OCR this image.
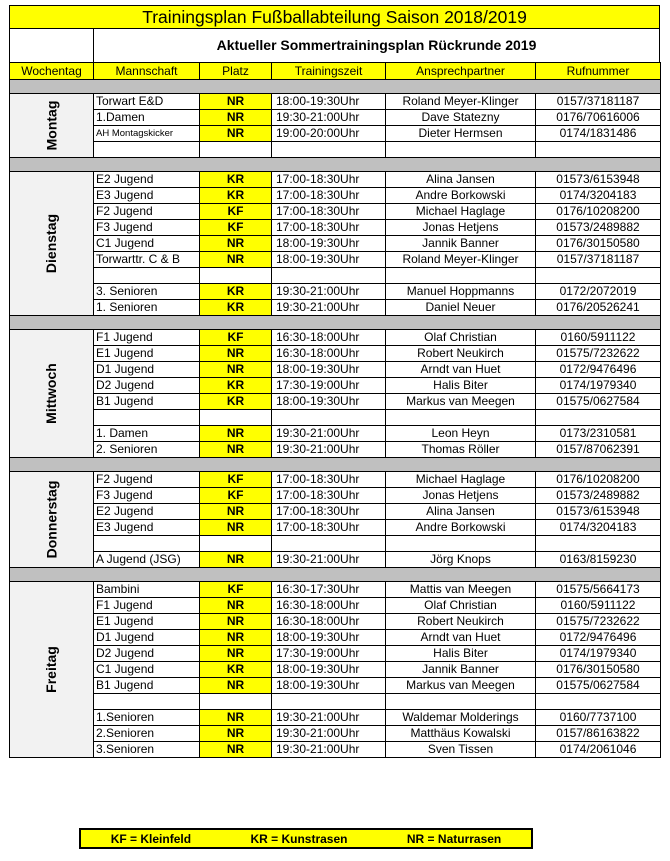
Trainingsplan Fußballabteilung Saison 2018/2019
Aktueller Sommertrainingsplan Rückrunde 2019
Wochentag	Mannschaft	Platz	Trainingszeit	Ansprechpartner	Rufnummer

Montag	Torwart E&D	NR	18:00-19:30Uhr	Roland Meyer-Klinger	0157/37181187
	1.Damen	NR	19:30-21:00Uhr	Dave Statezny	0176/70616006
	AH Montagskicker	NR	19:00-20:00Uhr	Dieter Hermsen	0174/1831486

Dienstag	E2 Jugend	KR	17:00-18:30Uhr	Alina Jansen	01573/6153948
	E3 Jugend	KR	17:00-18:30Uhr	Andre Borkowski	0174/3204183
	F2 Jugend	KF	17:00-18:30Uhr	Michael Haglage	0176/10208200
	F3 Jugend	KF	17:00-18:30Uhr	Jonas Hetjens	01573/2489882
	C1 Jugend	NR	18:00-19:30Uhr	Jannik Banner	0176/30150580
	Torwarttr. C & B	NR	18:00-19:30Uhr	Roland Meyer-Klinger	0157/37181187

	3. Senioren	KR	19:30-21:00Uhr	Manuel Hoppmanns	0172/2072019
	1. Senioren	KR	19:30-21:00Uhr	Daniel Neuer	0176/20526241

Mittwoch	F1 Jugend	KF	16:30-18:00Uhr	Olaf Christian	0160/5911122
	E1 Jugend	NR	16:30-18:00Uhr	Robert Neukirch	01575/7232622
	D1 Jugend	NR	18:00-19:30Uhr	Arndt van Huet	0172/9476496
	D2 Jugend	KR	17:30-19:00Uhr	Halis Biter	0174/1979340
	B1 Jugend	KR	18:00-19:30Uhr	Markus van Meegen	01575/0627584

	1. Damen	NR	19:30-21:00Uhr	Leon Heyn	0173/2310581
	2. Senioren	NR	19:30-21:00Uhr	Thomas Röller	0157/87062391

Donnerstag	F2 Jugend	KF	17:00-18:30Uhr	Michael Haglage	0176/10208200
	F3 Jugend	KF	17:00-18:30Uhr	Jonas Hetjens	01573/2489882
	E2 Jugend	NR	17:00-18:30Uhr	Alina Jansen	01573/6153948
	E3 Jugend	NR	17:00-18:30Uhr	Andre Borkowski	0174/3204183

	A Jugend (JSG)	NR	19:30-21:00Uhr	Jörg Knops	0163/8159230

Freitag	Bambini	KF	16:30-17:30Uhr	Mattis van Meegen	01575/5664173
	F1 Jugend	NR	16:30-18:00Uhr	Olaf Christian	0160/5911122
	E1 Jugend	NR	16:30-18:00Uhr	Robert Neukirch	01575/7232622
	D1 Jugend	NR	18:00-19:30Uhr	Arndt van Huet	0172/9476496
	D2 Jugend	NR	17:30-19:00Uhr	Halis Biter	0174/1979340
	C1 Jugend	KR	18:00-19:30Uhr	Jannik Banner	0176/30150580
	B1 Jugend	NR	18:00-19:30Uhr	Markus van Meegen	01575/0627584

	1.Senioren	NR	19:30-21:00Uhr	Waldemar Molderings	0160/7737100
	2.Senioren	NR	19:30-21:00Uhr	Matthäus Kowalski	0157/86163822
	3.Senioren	NR	19:30-21:00Uhr	Sven Tissen	0174/2061046
KF = Kleinfeld	KR = Kunstrasen	NR = Naturrasen
